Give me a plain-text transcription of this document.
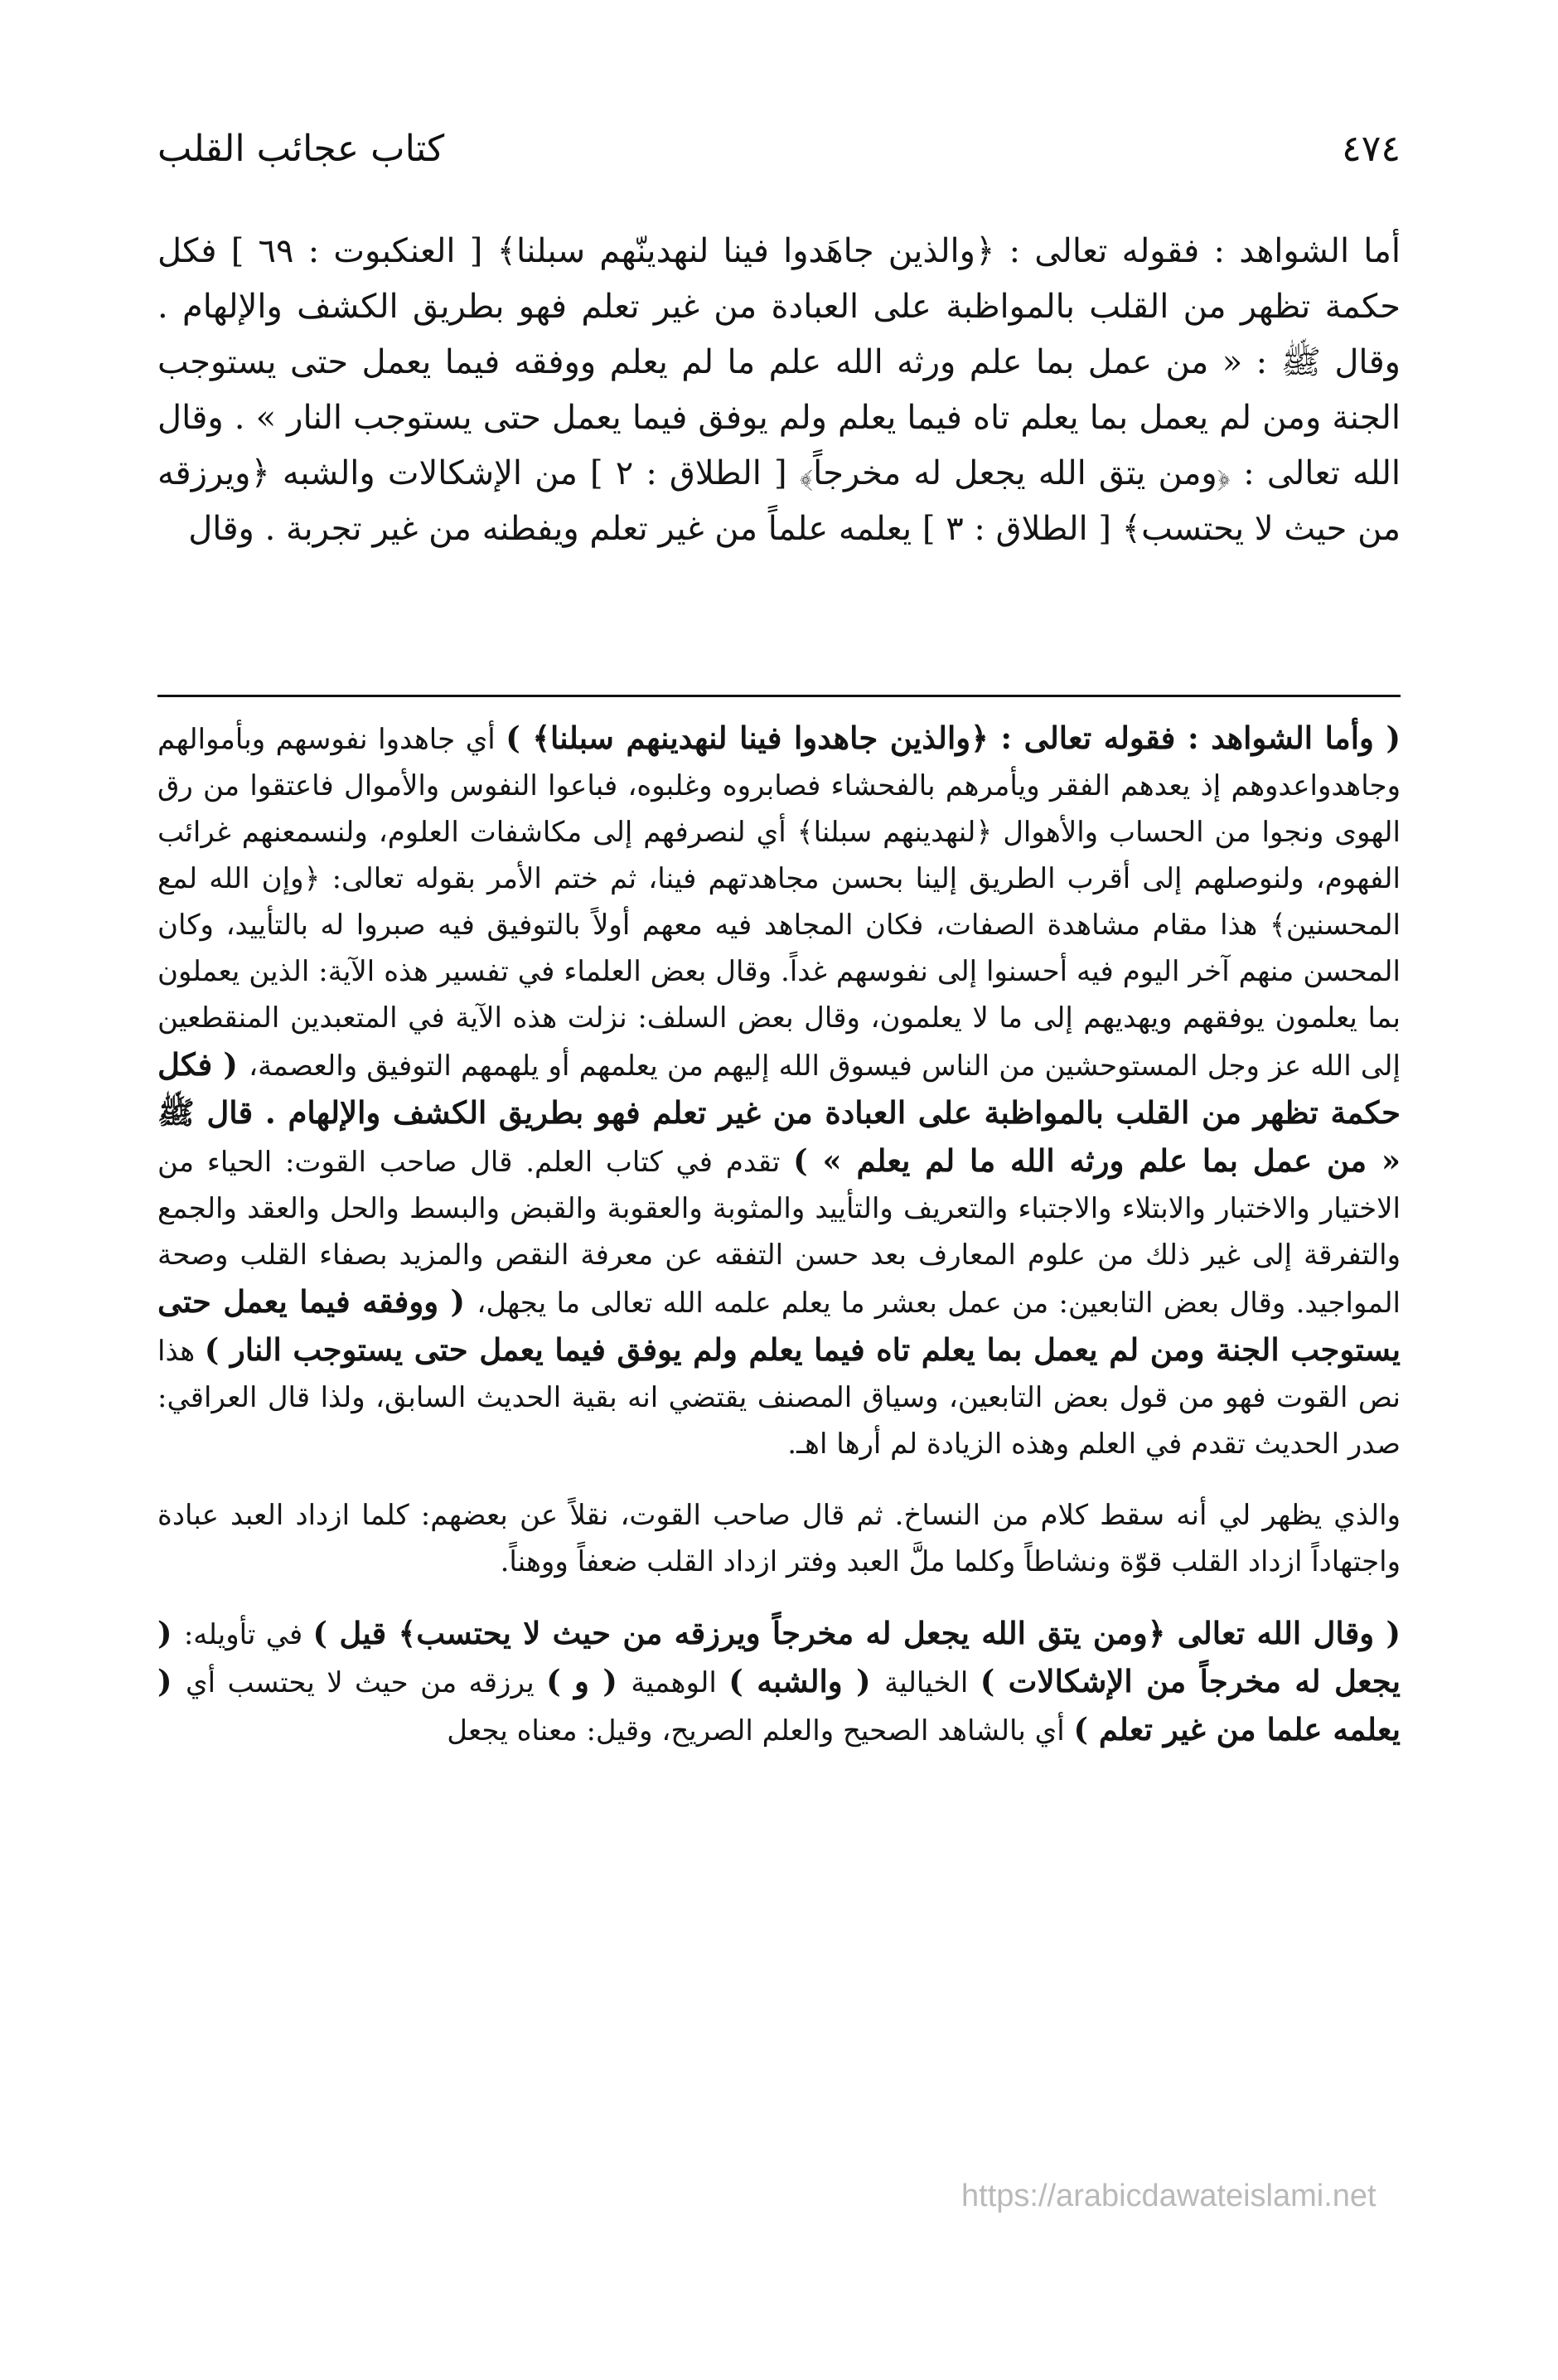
٤٧٤
كتاب عجائب القلب

أما الشواهد : فقوله تعالى : ﴿والذين جاهَدوا فينا لنهدينّهم سبلنا﴾ [ العنكبوت : ٦٩ ] فكل حكمة تظهر من القلب بالمواظبة على العبادة من غير تعلم فهو بطريق الكشف والإلهام . وقال ﷺ : « من عمل بما علم ورثه الله علم ما لم يعلم ووفقه فيما يعمل حتى يستوجب الجنة ومن لم يعمل بما يعلم تاه فيما يعلم ولم يوفق فيما يعمل حتى يستوجب النار » . وقال الله تعالى : ﴿ومن يتق الله يجعل له مخرجاً﴾ [ الطلاق : ٢ ] من الإشكالات والشبه ﴿ويرزقه من حيث لا يحتسب﴾ [ الطلاق : ٣ ] يعلمه علماً من غير تعلم ويفطنه من غير تجربة . وقال

( وأما الشواهد : فقوله تعالى : ﴿والذين جاهدوا فينا لنهدينهم سبلنا﴾ ) أي جاهدوا نفوسهم وبأموالهم وجاهدواعدوهم إذ يعدهم الفقر ويأمرهم بالفحشاء فصابروه وغلبوه، فباعوا النفوس والأموال فاعتقوا من رق الهوى ونجوا من الحساب والأهوال ﴿لنهدينهم سبلنا﴾ أي لنصرفهم إلى مكاشفات العلوم، ولنسمعنهم غرائب الفهوم، ولنوصلهم إلى أقرب الطريق إلينا بحسن مجاهدتهم فينا، ثم ختم الأمر بقوله تعالى: ﴿وإن الله لمع المحسنين﴾ هذا مقام مشاهدة الصفات، فكان المجاهد فيه معهم أولاً بالتوفيق فيه صبروا له بالتأييد، وكان المحسن منهم آخر اليوم فيه أحسنوا إلى نفوسهم غداً. وقال بعض العلماء في تفسير هذه الآية: الذين يعملون بما يعلمون يوفقهم ويهديهم إلى ما لا يعلمون، وقال بعض السلف: نزلت هذه الآية في المتعبدين المنقطعين إلى الله عز وجل المستوحشين من الناس فيسوق الله إليهم من يعلمهم أو يلهمهم التوفيق والعصمة، ( فكل حكمة تظهر من القلب بالمواظبة على العبادة من غير تعلم فهو بطريق الكشف والإلهام . قال ﷺ « من عمل بما علم ورثه الله ما لم يعلم » ) تقدم في كتاب العلم. قال صاحب القوت: الحياء من الاختيار والاختبار والابتلاء والاجتباء والتعريف والتأييد والمثوبة والعقوبة والقبض والبسط والحل والعقد والجمع والتفرقة إلى غير ذلك من علوم المعارف بعد حسن التفقه عن معرفة النقص والمزيد بصفاء القلب وصحة المواجيد. وقال بعض التابعين: من عمل بعشر ما يعلم علمه الله تعالى ما يجهل، ( ووفقه فيما يعمل حتى يستوجب الجنة ومن لم يعمل بما يعلم تاه فيما يعلم ولم يوفق فيما يعمل حتى يستوجب النار ) هذا نص القوت فهو من قول بعض التابعين، وسياق المصنف يقتضي انه بقية الحديث السابق، ولذا قال العراقي: صدر الحديث تقدم في العلم وهذه الزيادة لم أرها اهـ.

والذي يظهر لي أنه سقط كلام من النساخ. ثم قال صاحب القوت، نقلاً عن بعضهم: كلما ازداد العبد عبادة واجتهاداً ازداد القلب قوّة ونشاطاً وكلما ملَّ العبد وفتر ازداد القلب ضعفاً ووهناً.

( وقال الله تعالى ﴿ومن يتق الله يجعل له مخرجاً ويرزقه من حيث لا يحتسب﴾ قيل ) في تأويله: ( يجعل له مخرجاً من الإشكالات ) الخيالية ( والشبه ) الوهمية ( و ) يرزقه من حيث لا يحتسب أي ( يعلمه علما من غير تعلم ) أي بالشاهد الصحيح والعلم الصريح، وقيل: معناه يجعل

https://arabicdawateislami.net
